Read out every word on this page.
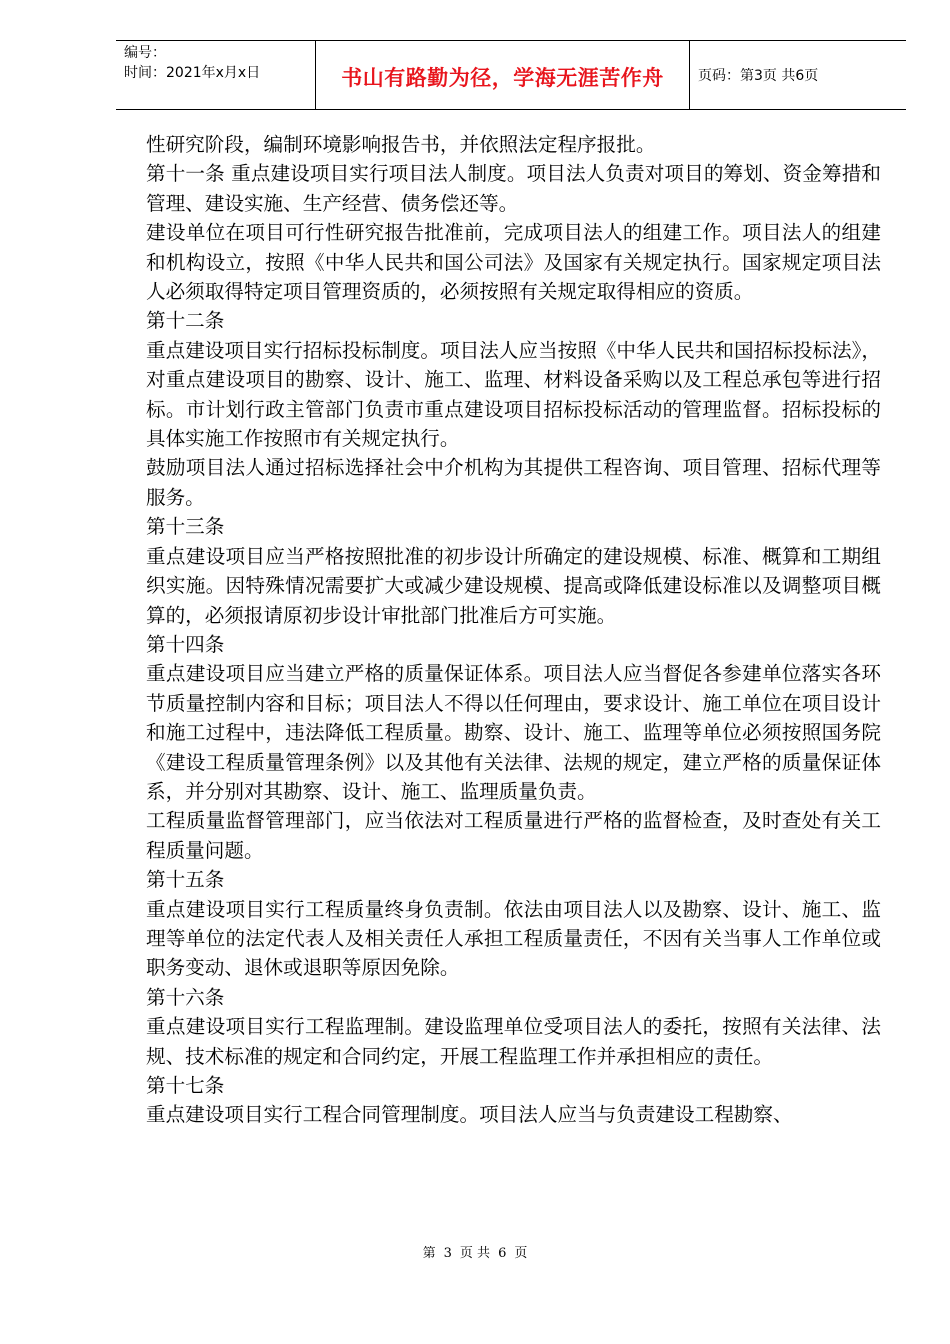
编号：
时间：2021年x月x日	书山有路勤为径，学海无涯苦作舟 页码：第3页 共6页

性研究阶段，编制环境影响报告书，并依照法定程序报批。

第十一条 重点建设项目实行项目法人制度。项目法人负责对项目的筹划、资金筹措和管理、建设实施、生产经营、债务偿还等。

建设单位在项目可行性研究报告批准前，完成项目法人的组建工作。项目法人的组建和机构设立，按照《中华人民共和国公司法》及国家有关规定执行。国家规定项目法人必须取得特定项目管理资质的，必须按照有关规定取得相应的资质。

第十二条

重点建设项目实行招标投标制度。项目法人应当按照《中华人民共和国招标投标法》，对重点建设项目的勘察、设计、施工、监理、材料设备采购以及工程总承包等进行招标。市计划行政主管部门负责市重点建设项目招标投标活动的管理监督。招标投标的具体实施工作按照市有关规定执行。

鼓励项目法人通过招标选择社会中介机构为其提供工程咨询、项目管理、招标代理等服务。

第十三条

重点建设项目应当严格按照批准的初步设计所确定的建设规模、标准、概算和工期组织实施。因特殊情况需要扩大或减少建设规模、提高或降低建设标准以及调整项目概算的，必须报请原初步设计审批部门批准后方可实施。

第十四条

重点建设项目应当建立严格的质量保证体系。项目法人应当督促各参建单位落实各环节质量控制内容和目标；项目法人不得以任何理由，要求设计、施工单位在项目设计和施工过程中，违法降低工程质量。勘察、设计、施工、监理等单位必须按照国务院《建设工程质量管理条例》以及其他有关法律、法规的规定，建立严格的质量保证体系，并分别对其勘察、设计、施工、监理质量负责。

工程质量监督管理部门，应当依法对工程质量进行严格的监督检查，及时查处有关工程质量问题。

第十五条

重点建设项目实行工程质量终身负责制。依法由项目法人以及勘察、设计、施工、监理等单位的法定代表人及相关责任人承担工程质量责任，不因有关当事人工作单位或职务变动、退休或退职等原因免除。

第十六条

重点建设项目实行工程监理制。建设监理单位受项目法人的委托，按照有关法律、法规、技术标准的规定和合同约定，开展工程监理工作并承担相应的责任。

第十七条

重点建设项目实行工程合同管理制度。项目法人应当与负责建设工程勘察、

第 3 页 共 6 页
